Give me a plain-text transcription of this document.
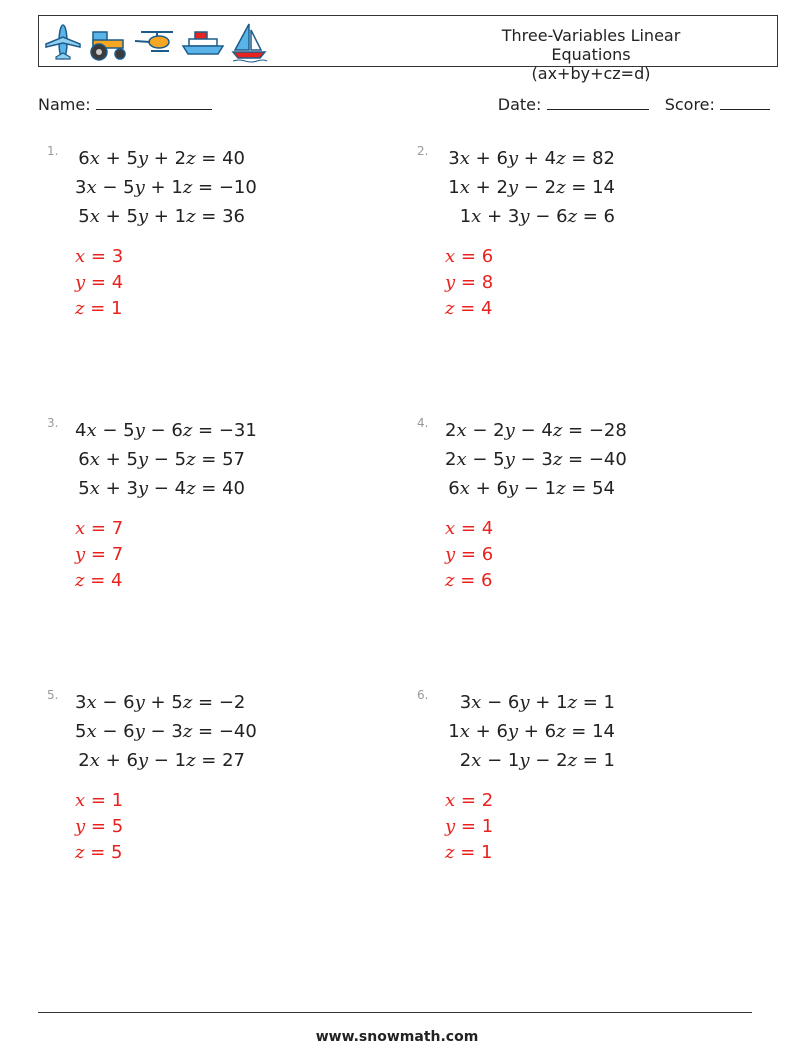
Three-Variables Linear Equations
(ax+by+cz=d)
Name:	Date:	Score:
1. 6x + 5y + 2z = 40
3x − 5y + 1z = −10
5x + 5y + 1z = 36
x = 3
y = 4
z = 1
2. 3x + 6y + 4z = 82
1x + 2y − 2z = 14
1x + 3y − 6z = 6
x = 6
y = 8
z = 4
3. 4x − 5y − 6z = −31
6x + 5y − 5z = 57
5x + 3y − 4z = 40
x = 7
y = 7
z = 4
4. 2x − 2y − 4z = −28
2x − 5y − 3z = −40
6x + 6y − 1z = 54
x = 4
y = 6
z = 6
5. 3x − 6y + 5z = −2
5x − 6y − 3z = −40
2x + 6y − 1z = 27
x = 1
y = 5
z = 5
6.	3x − 6y + 1z = 1
1x + 6y + 6z = 14
2x − 1y − 2z = 1
x = 2
y = 1
z = 1
www.snowmath.com
